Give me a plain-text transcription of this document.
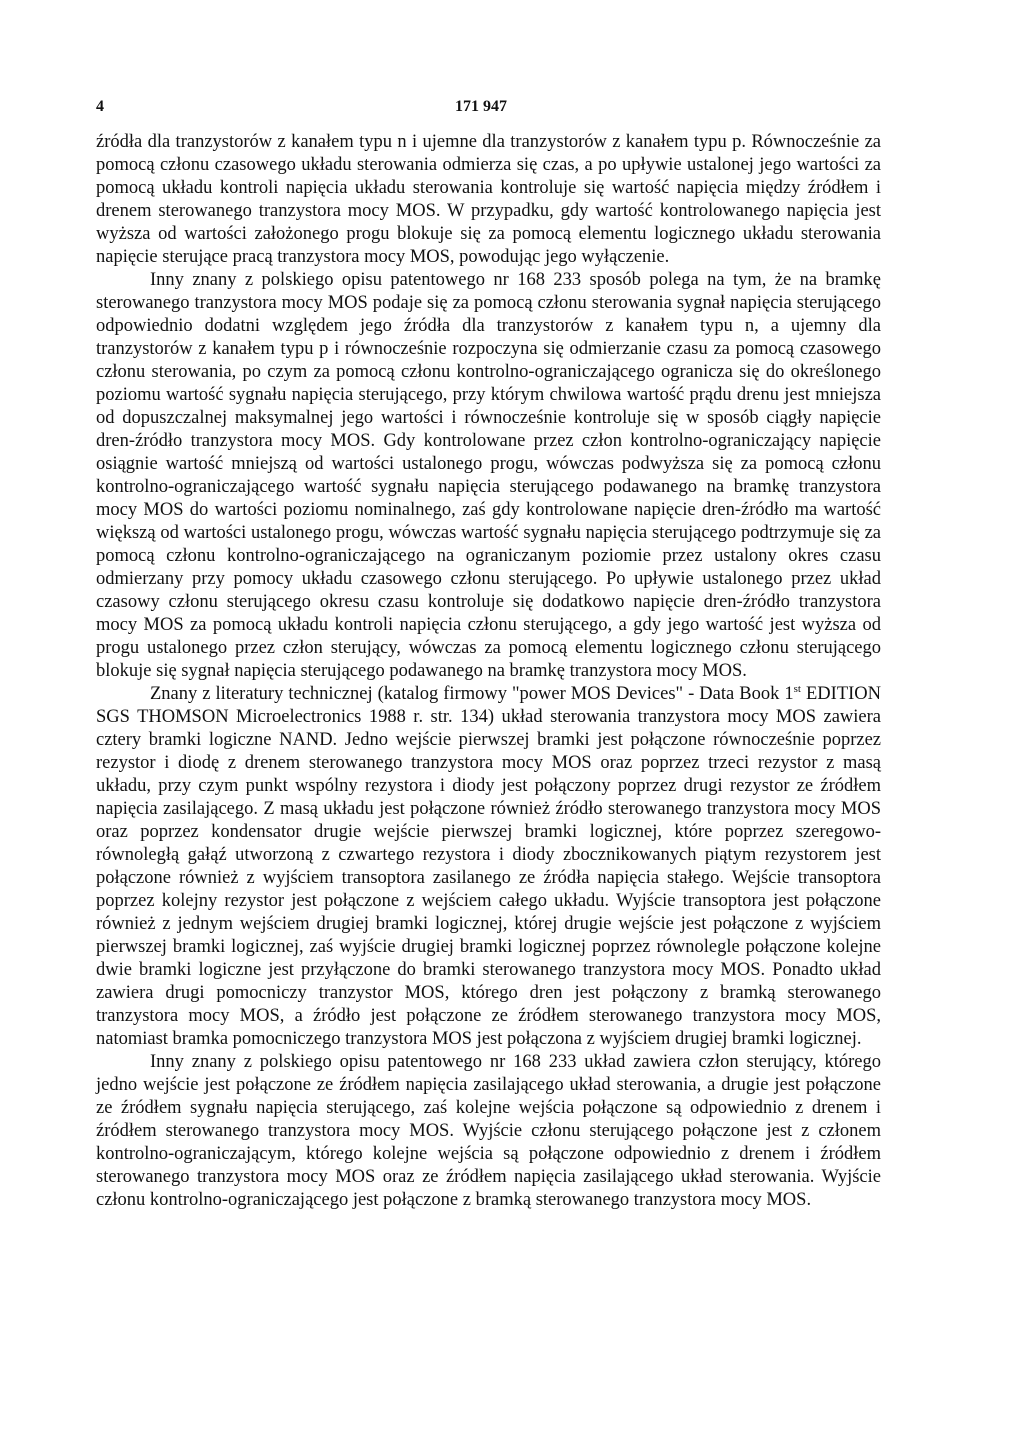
4	171 947

źródła dla tranzystorów z kanałem typu n i ujemne dla tranzystorów z kanałem typu p. Równocześnie za pomocą członu czasowego układu sterowania odmierza się czas, a po upływie ustalonej jego wartości za pomocą układu kontroli napięcia układu sterowania kontroluje się wartość napięcia między źródłem i drenem sterowanego tranzystora mocy MOS. W przypadku, gdy wartość kontrolowanego napięcia jest wyższa od wartości założonego progu blokuje się za pomocą elementu logicznego układu sterowania napięcie sterujące pracą tranzystora mocy MOS, powodując jego wyłączenie.

Inny znany z polskiego opisu patentowego nr 168 233 sposób polega na tym, że na bramkę sterowanego tranzystora mocy MOS podaje się za pomocą członu sterowania sygnał napięcia sterującego odpowiednio dodatni względem jego źródła dla tranzystorów z kanałem typu n, a ujemny dla tranzystorów z kanałem typu p i równocześnie rozpoczyna się odmierzanie czasu za pomocą czasowego członu sterowania, po czym za pomocą członu kontrolno-ograniczającego ogranicza się do określonego poziomu wartość sygnału napięcia sterującego, przy którym chwilowa wartość prądu drenu jest mniejsza od dopuszczalnej maksymalnej jego wartości i równocześnie kontroluje się w sposób ciągły napięcie dren-źródło tranzystora mocy MOS. Gdy kontrolowane przez człon kontrolno-ograniczający napięcie osiągnie wartość mniejszą od wartości ustalonego progu, wówczas podwyższa się za pomocą członu kontrolno-ograniczającego wartość sygnału napięcia sterującego podawanego na bramkę tranzystora mocy MOS do wartości poziomu nominalnego, zaś gdy kontrolowane napięcie dren-źródło ma wartość większą od wartości ustalonego progu, wówczas wartość sygnału napięcia sterującego podtrzymuje się za pomocą członu kontrolno-ograniczającego na ograniczanym poziomie przez ustalony okres czasu odmierzany przy pomocy układu czasowego członu sterującego. Po upływie ustalonego przez układ czasowy członu sterującego okresu czasu kontroluje się dodatkowo napięcie dren-źródło tranzystora mocy MOS za pomocą układu kontroli napięcia członu sterującego, a gdy jego wartość jest wyższa od progu ustalonego przez człon sterujący, wówczas za pomocą elementu logicznego członu sterującego blokuje się sygnał napięcia sterującego podawanego na bramkę tranzystora mocy MOS.

Znany z literatury technicznej (katalog firmowy "power MOS Devices" - Data Book 1st EDITION SGS THOMSON Microelectronics 1988 r. str. 134) układ sterowania tranzystora mocy MOS zawiera cztery bramki logiczne NAND. Jedno wejście pierwszej bramki jest połączone równocześnie poprzez rezystor i diodę z drenem sterowanego tranzystora mocy MOS oraz poprzez trzeci rezystor z masą układu, przy czym punkt wspólny rezystora i diody jest połączony poprzez drugi rezystor ze źródłem napięcia zasilającego. Z masą układu jest połączone również źródło sterowanego tranzystora mocy MOS oraz poprzez kondensator drugie wejście pierwszej bramki logicznej, które poprzez szeregowo-równoległą gałąź utworzoną z czwartego rezystora i diody zbocznikowanych piątym rezystorem jest połączone również z wyjściem transoptora zasilanego ze źródła napięcia stałego. Wejście transoptora poprzez kolejny rezystor jest połączone z wejściem całego układu. Wyjście transoptora jest połączone również z jednym wejściem drugiej bramki logicznej, której drugie wejście jest połączone z wyjściem pierwszej bramki logicznej, zaś wyjście drugiej bramki logicznej poprzez równolegle połączone kolejne dwie bramki logiczne jest przyłączone do bramki sterowanego tranzystora mocy MOS. Ponadto układ zawiera drugi pomocniczy tranzystor MOS, którego dren jest połączony z bramką sterowanego tranzystora mocy MOS, a źródło jest połączone ze źródłem sterowanego tranzystora mocy MOS, natomiast bramka pomocniczego tranzystora MOS jest połączona z wyjściem drugiej bramki logicznej.

Inny znany z polskiego opisu patentowego nr 168 233 układ zawiera człon sterujący, którego jedno wejście jest połączone ze źródłem napięcia zasilającego układ sterowania, a drugie jest połączone ze źródłem sygnału napięcia sterującego, zaś kolejne wejścia połączone są odpowiednio z drenem i źródłem sterowanego tranzystora mocy MOS. Wyjście członu sterującego połączone jest z członem kontrolno-ograniczającym, którego kolejne wejścia są połączone odpowiednio z drenem i źródłem sterowanego tranzystora mocy MOS oraz ze źródłem napięcia zasilającego układ sterowania. Wyjście członu kontrolno-ograniczającego jest połączone z bramką sterowanego tranzystora mocy MOS.
